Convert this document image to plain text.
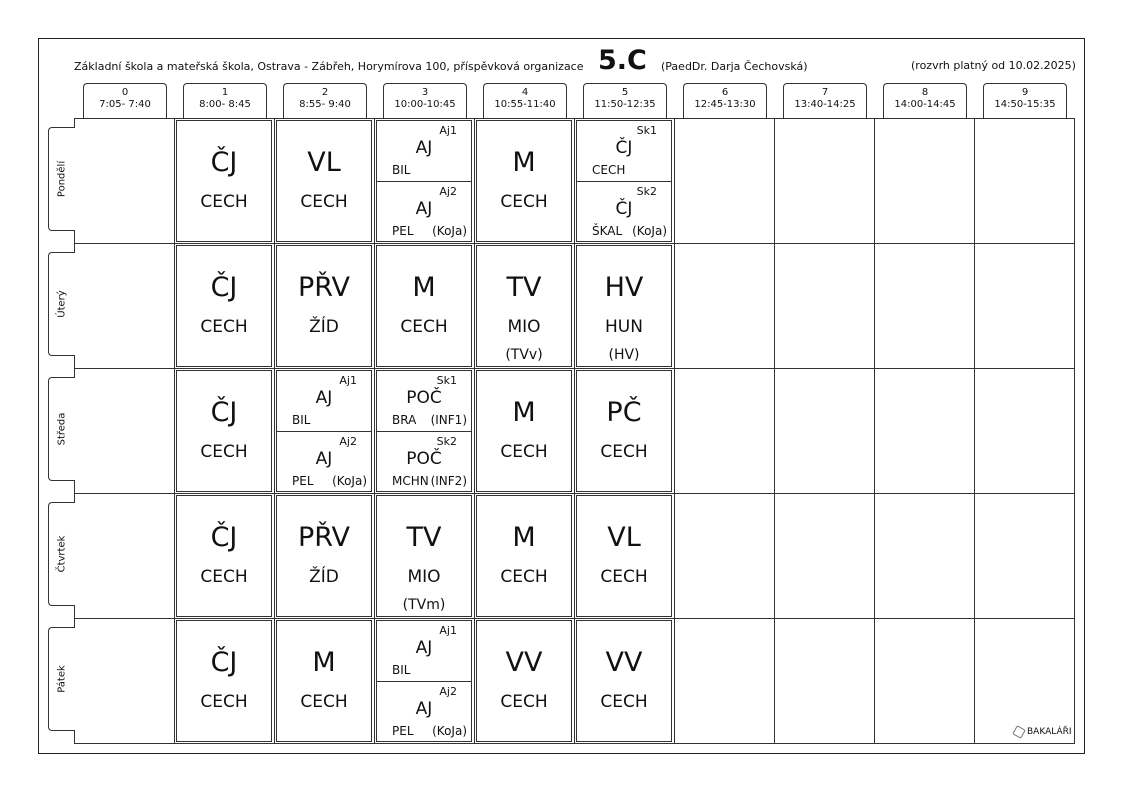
Základní škola a mateřská škola, Ostrava - Zábřeh, Horymírova 100, příspěvková organizace 5.C (PaedDr. Darja Čechovská)	(rozvrh platný od 10.02.2025)
0
7:05- 7:40
1
8:00- 8:45
2
8:55- 9:40
3
10:00-10:45
4
10:55-11:40
5
11:50-12:35
6
12:45-13:30
7
13:40-14:25
8
14:00-14:45
9
14:50-15:35
Pondělí
Úterý
Středa
Čtvrtek
Pátek
ČJ
CECH
VL
CECH
Aj1
AJ
BIL
Aj2
AJ
PEL (KoJa)
M
CECH
Sk1
ČJ
CECH
Sk2
ČJ
ŠKAL (KoJa)
ČJ
CECH
PŘV
ŽÍD
M
CECH
TV
MIO
(TVv)
HV
HUN
(HV)
ČJ
CECH
Aj1
AJ
BIL
Aj2
AJ
PEL (KoJa)
Sk1
POČ
BRA (INF1)
Sk2
POČ
MCHN (INF2)
M
CECH
PČ
CECH
ČJ
CECH
PŘV
ŽÍD
TV
MIO
(TVm)
M
CECH
VL
CECH
ČJ
CECH
M
CECH
Aj1
AJ
BIL
Aj2
AJ
PEL (KoJa)
VV
CECH
VV
CECH
BAKALÁŘI
